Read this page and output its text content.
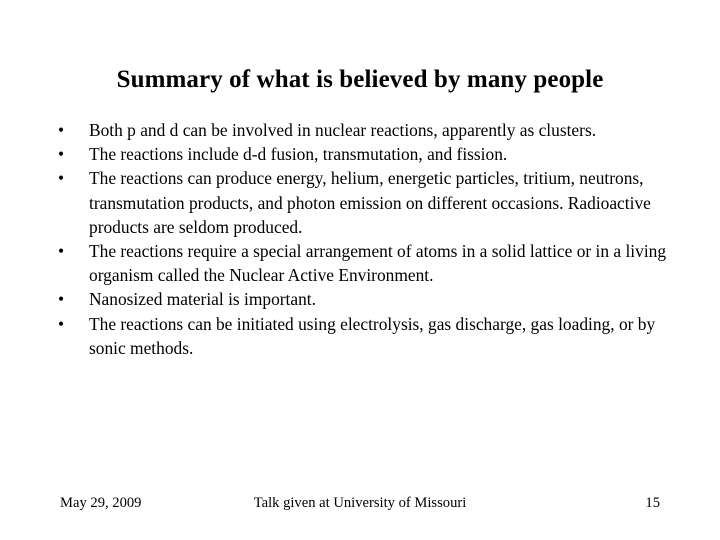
Summary of what is believed by many people
•	Both p and d can be involved in nuclear reactions, apparently as clusters.
•	The reactions include d-d fusion, transmutation, and fission.
•	The reactions can produce energy, helium, energetic particles, tritium, neutrons, transmutation products, and photon emission on different occasions. Radioactive products are seldom produced.
•	The reactions require a special arrangement of atoms in a solid lattice or in a living organism called the Nuclear Active Environment.
•	Nanosized material is important.
•	The reactions can be initiated using electrolysis, gas discharge, gas loading, or by sonic methods.
May 29, 2009	Talk given at University of Missouri	15
